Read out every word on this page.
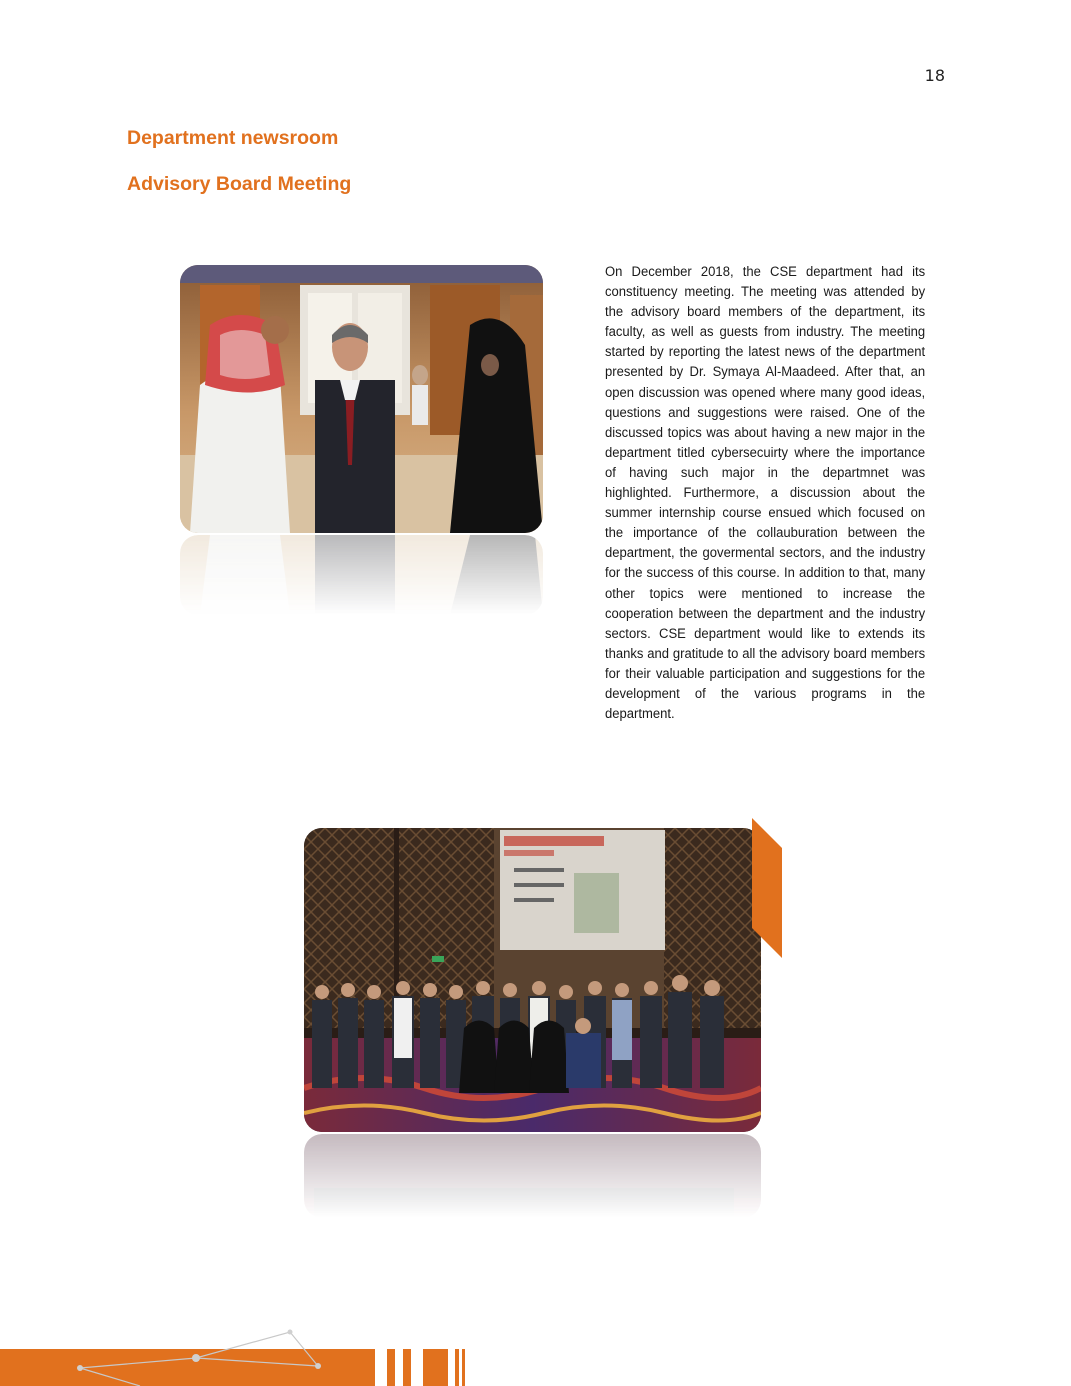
18
Department newsroom
Advisory Board Meeting

On December 2018, the CSE department had its constituency meeting. The meeting was attended by the advisory board members of the department, its faculty, as well as guests from industry. The meeting started by reporting the latest news of the department presented by Dr. Symaya Al-Maadeed. After that, an open discussion was opened where many good ideas, questions and suggestions were raised. One of the discussed topics was about having a new major in the department titled cybersecuirty where the importance of having such major in the departmnet was highlighted. Furthermore, a discussion about the summer internship course ensued which focused on the importance of the collauburation between the department, the govermental sectors, and the industry for the success of this course. In addition to that, many other topics were mentioned to increase the cooperation between the department and the industry sectors. CSE department would like to extends its thanks and gratitude to all the advisory board members for their valuable participation and suggestions for the development of the various programs in the department.
